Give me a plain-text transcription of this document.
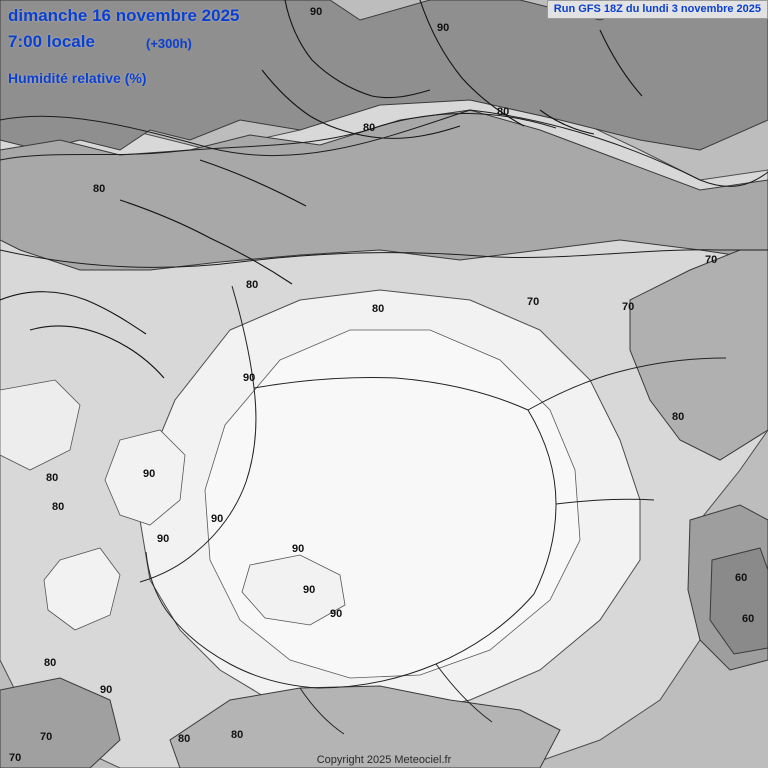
dimanche 16 novembre 2025
7:00 locale	(+300h)
Humidité relative (%)
Run GFS 18Z du lundi 3 novembre 2025
Copyright 2025 Meteociel.fr
90
90
80
80
80
80
80
70	70
70
80
90
90
80
80
90
90
90
90
90
60
60
80
90
80	80
70
70
